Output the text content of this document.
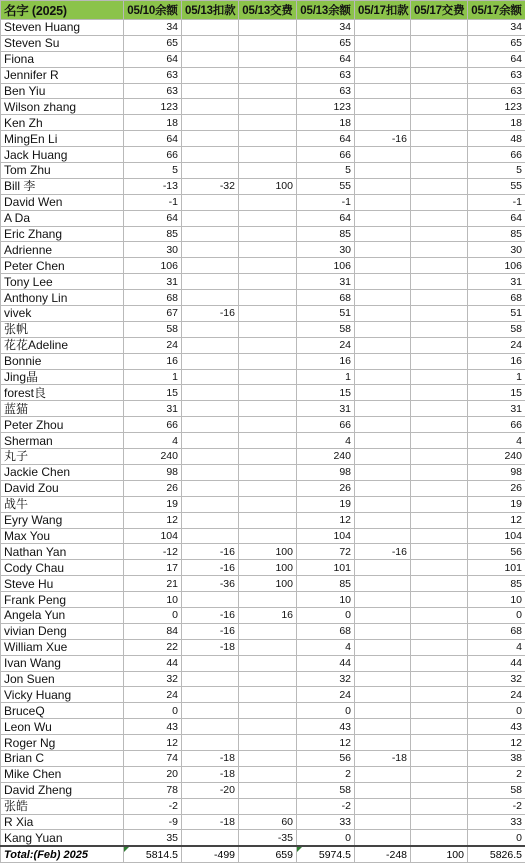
名字 (2025)	05/10余额	05/13扣款	05/13交费	05/13余额	05/17扣款	05/17交费	05/17余额
Steven Huang	34			34			34
Steven Su	65			65			65
Fiona	64			64			64
Jennifer R	63			63			63
Ben Yiu	63			63			63
Wilson zhang	123			123			123
Ken Zh	18			18			18
MingEn Li	64			64	-16		48
Jack Huang	66			66			66
Tom Zhu	5			5			5
Bill 李	-13	-32	100	55			55
David Wen	-1			-1			-1
A Da	64			64			64
Eric Zhang	85			85			85
Adrienne	30			30			30
Peter Chen	106			106			106
Tony Lee	31			31			31
Anthony Lin	68			68			68
vivek	67	-16		51			51
张帆	58			58			58
花花Adeline	24			24			24
Bonnie	16			16			16
Jing晶	1			1			1
forest良	15			15			15
蓝猫	31			31			31
Peter Zhou	66			66			66
Sherman	4			4			4
丸子	240			240			240
Jackie Chen	98			98			98
David Zou	26			26			26
战牛	19			19			19
Eyry Wang	12			12			12
Max You	104			104			104
Nathan Yan	-12	-16	100	72	-16		56
Cody Chau	17	-16	100	101			101
Steve Hu	21	-36	100	85			85
Frank Peng	10			10			10
Angela Yun	0	-16	16	0			0
vivian Deng	84	-16		68			68
William Xue	22	-18		4			4
Ivan Wang	44			44			44
Jon Suen	32			32			32
Vicky Huang	24			24			24
BruceQ	0			0			0
Leon Wu	43			43			43
Roger Ng	12			12			12
Brian C	74	-18		56	-18		38
Mike Chen	20	-18		2			2
David Zheng	78	-20		58			58
张皓	-2			-2			-2
R Xia	-9	-18	60	33			33
Kang Yuan	35		-35	0			0
Total:(Feb) 2025	5814.5	-499	659	5974.5	-248	100	5826.5
